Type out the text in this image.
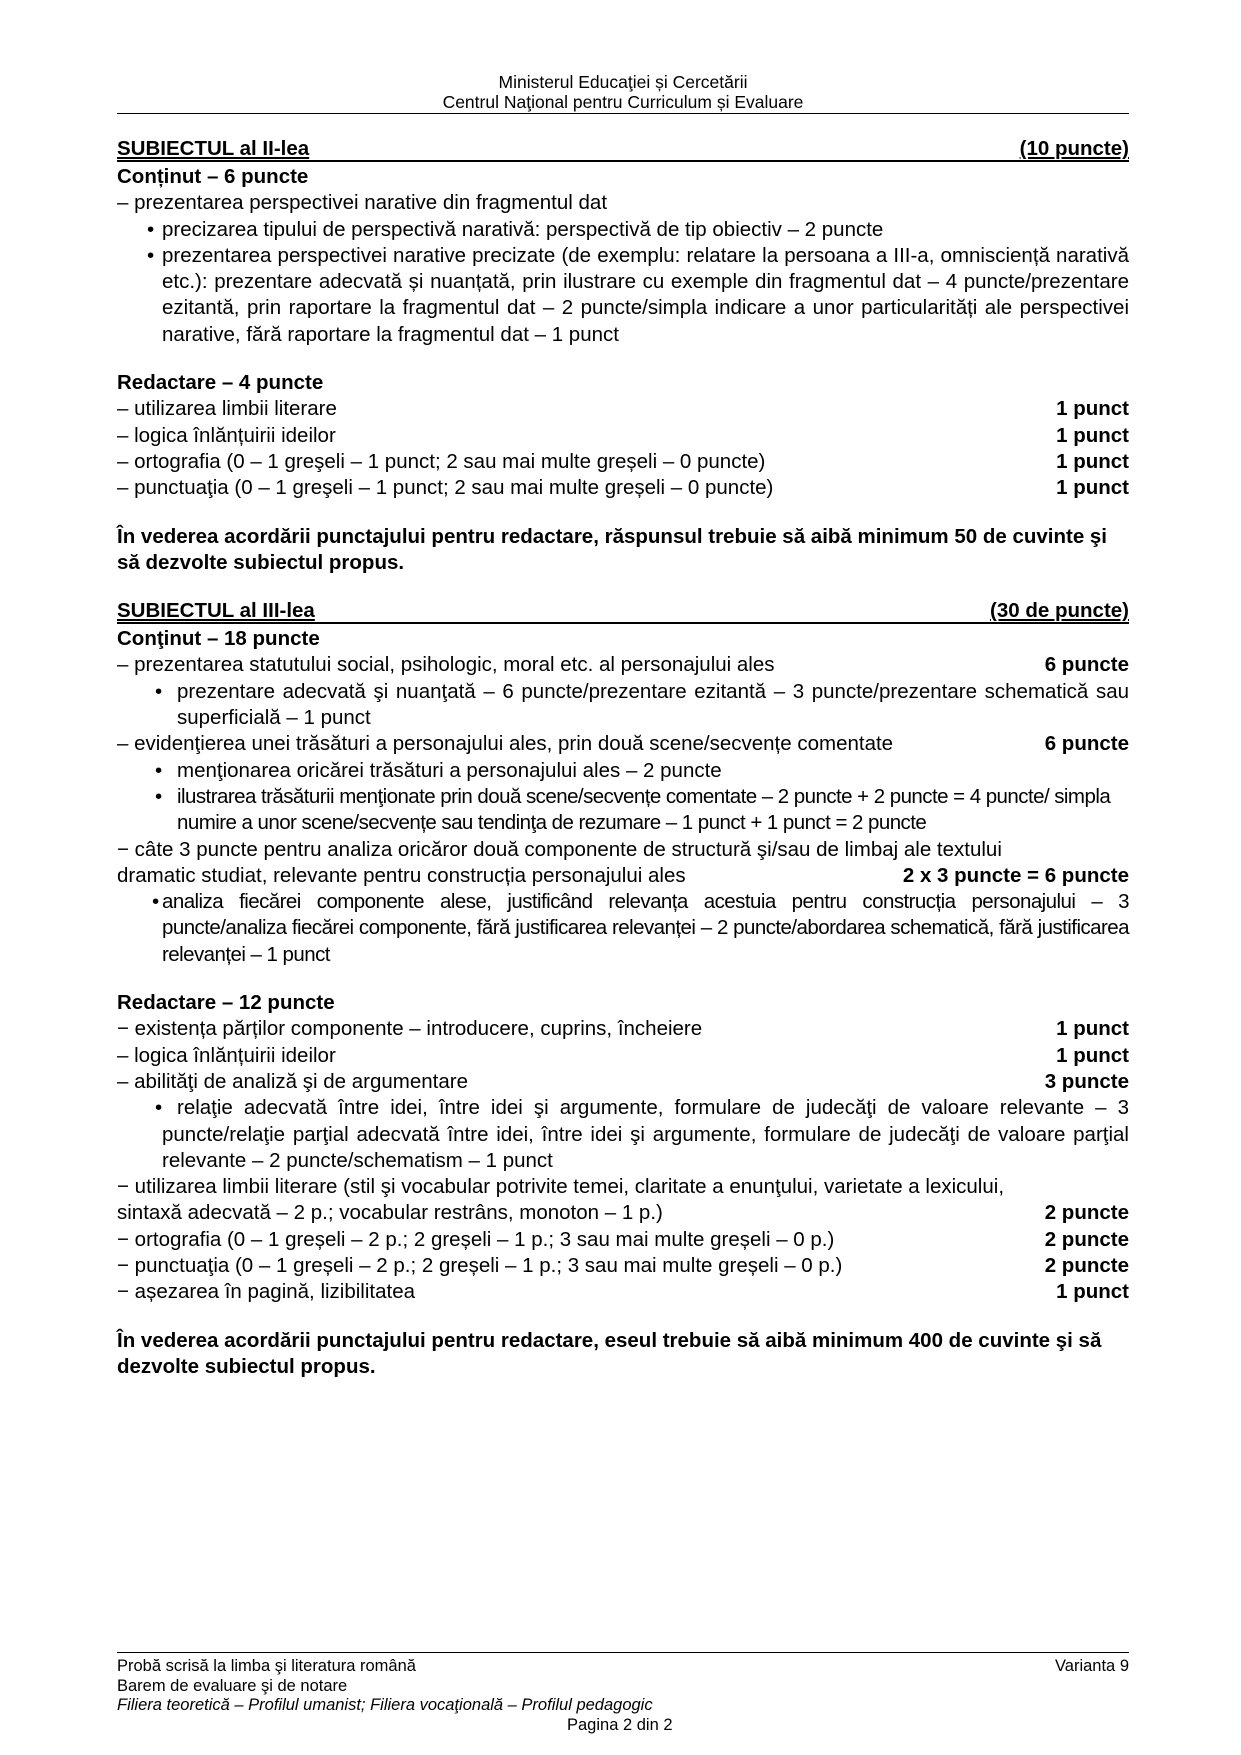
Ministerul Educaţiei și Cercetării
Centrul Naţional pentru Curriculum și Evaluare
SUBIECTUL al II-lea	(10 puncte)
Conținut – 6 puncte
– prezentarea perspectivei narative din fragmentul dat
• precizarea tipului de perspectivă narativă: perspectivă de tip obiectiv – 2 puncte
• prezentarea perspectivei narative precizate (de exemplu: relatare la persoana a III-a, omnisciență narativă etc.): prezentare adecvată și nuanțată, prin ilustrare cu exemple din fragmentul dat – 4 puncte/prezentare ezitantă, prin raportare la fragmentul dat – 2 puncte/simpla indicare a unor particularități ale perspectivei narative, fără raportare la fragmentul dat – 1 punct
Redactare – 4 puncte
– utilizarea limbii literare	1 punct
– logica înlănțuirii ideilor	1 punct
– ortografia (0 – 1 greşeli – 1 punct; 2 sau mai multe greșeli – 0 puncte)	1 punct
– punctuaţia (0 – 1 greşeli – 1 punct; 2 sau mai multe greșeli – 0 puncte)	1 punct
În vederea acordării punctajului pentru redactare, răspunsul trebuie să aibă minimum 50 de cuvinte şi să dezvolte subiectul propus.
SUBIECTUL al III-lea	(30 de puncte)
Conţinut – 18 puncte
– prezentarea statutului social, psihologic, moral etc. al personajului ales	6 puncte
• prezentare adecvată şi nuanţată – 6 puncte/prezentare ezitantă – 3 puncte/prezentare schematică sau superficială – 1 punct
– evidenţierea unei trăsături a personajului ales, prin două scene/secvențe comentate	6 puncte
• menţionarea oricărei trăsături a personajului ales – 2 puncte
• ilustrarea trăsăturii menţionate prin două scene/secvențe comentate – 2 puncte + 2 puncte = 4 puncte/ simpla numire a unor scene/secvențe sau tendinţa de rezumare – 1 punct + 1 punct = 2 puncte
− câte 3 puncte pentru analiza oricăror două componente de structură şi/sau de limbaj ale textului
dramatic studiat, relevante pentru construcția personajului ales	2 x 3 puncte = 6 puncte
• analiza fiecărei componente alese, justificând relevanța acestuia pentru construcția personajului – 3 puncte/analiza fiecărei componente, fără justificarea relevanței – 2 puncte/abordarea schematică, fără justificarea relevanței – 1 punct
Redactare – 12 puncte
− existența părților componente – introducere, cuprins, încheiere	1 punct
– logica înlănțuirii ideilor	1 punct
– abilităţi de analiză şi de argumentare	3 puncte
• relaţie adecvată între idei, între idei şi argumente, formulare de judecăţi de valoare relevante – 3 puncte/relaţie parţial adecvată între idei, între idei şi argumente, formulare de judecăţi de valoare parţial relevante – 2 puncte/schematism – 1 punct
− utilizarea limbii literare (stil şi vocabular potrivite temei, claritate a enunţului, varietate a lexicului,
sintaxă adecvată – 2 p.; vocabular restrâns, monoton – 1 p.)	2 puncte
− ortografia (0 – 1 greșeli – 2 p.; 2 greșeli – 1 p.; 3 sau mai multe greșeli – 0 p.)	2 puncte
− punctuaţia (0 – 1 greșeli – 2 p.; 2 greșeli – 1 p.; 3 sau mai multe greșeli – 0 p.)	2 puncte
− așezarea în pagină, lizibilitatea	1 punct
În vederea acordării punctajului pentru redactare, eseul trebuie să aibă minimum 400 de cuvinte şi să dezvolte subiectul propus.
Probă scrisă la limba şi literatura română	Varianta 9
Barem de evaluare şi de notare
Filiera teoretică – Profilul umanist; Filiera vocaţională – Profilul pedagogic
Pagina 2 din 2
